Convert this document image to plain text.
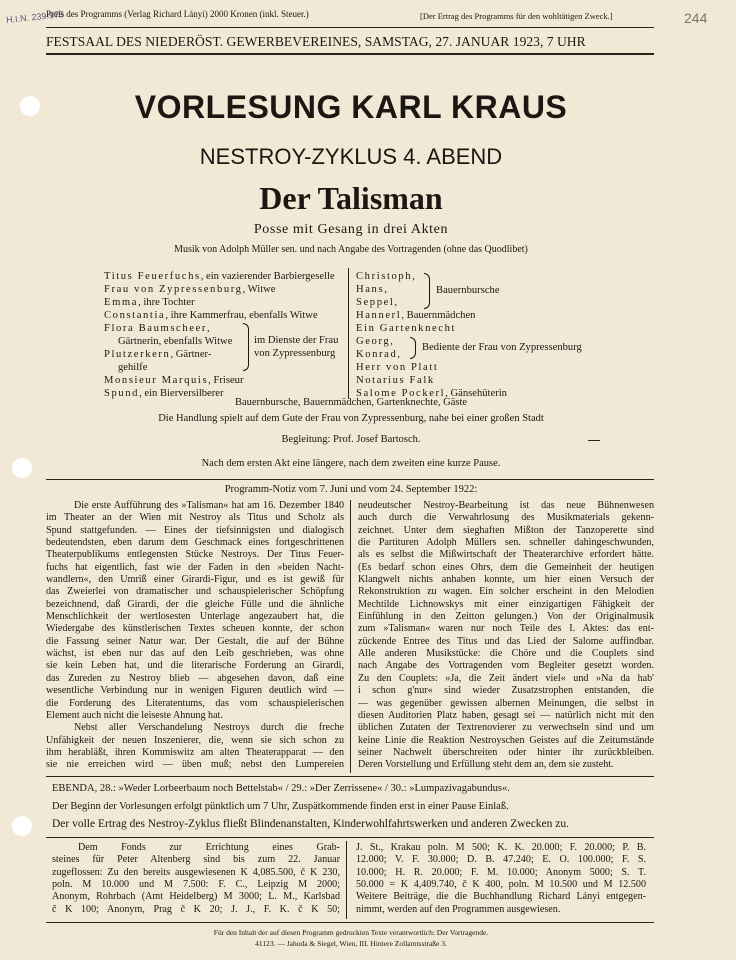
H.I.N. 239.975
Preis des Programms (Verlag Richard Lányi) 2000 Kronen (inkl. Steuer.)	[Der Ertrag des Programms für den wohltätigen Zweck.]	244
FESTSAAL DES NIEDERÖST. GEWERBEVEREINES, SAMSTAG, 27. JANUAR 1923, 7 UHR
VORLESUNG KARL KRAUS
NESTROY-ZYKLUS 4. ABEND
Der Talisman
Posse mit Gesang in drei Akten
Musik von Adolph Müller sen. und nach Angabe des Vortragenden (ohne das Quodlibet)
Titus Feuerfuchs, ein vazierender Barbiergeselle
Frau von Zypressenburg, Witwe
Emma, ihre Tochter
Constantia, ihre Kammerfrau, ebenfalls Witwe
Flora Baumscheer,
Gärtnerin, ebenfalls Witwe
Plutzerkern, Gärtner-
gehilfe
Monsieur Marquis, Friseur
Spund, ein Bierversilberer
im Dienste der Frau
von Zypressenburg
Christoph,
Hans,
Seppel,
Hannerl, Bauernmädchen
Ein Gartenknecht
Georg,
Konrad,
Herr von Platt
Notarius Falk
Salome Pockerl, Gänsehüterin
Bauernbursche
Bediente der Frau von Zypressenburg
Bauernbursche, Bauernmädchen, Gartenknechte, Gäste
Die Handlung spielt auf dem Gute der Frau von Zypressenburg, nahe bei einer großen Stadt
Begleitung: Prof. Josef Bartosch.
Nach dem ersten Akt eine längere, nach dem zweiten eine kurze Pause.
Programm-Notiz vom 7. Juni und vom 24. September 1922:
Die erste Aufführung des »Talisman« hat am 16. Dezember 1840
im Theater an der Wien mit Nestroy als Titus und Scholz als
Spund stattgefunden. — Eines der tiefsinnigsten und dialogisch
bedeutendsten, eben darum dem Geschmack eines fortgeschrittenen
Theaterpublikums entlegensten Stücke Nestroys. Der Titus Feuer-
fuchs hat eigentlich, fast wie der Faden in den »beiden Nacht-
wandlern«, den Umriß einer Girardi-Figur, und es ist gewiß für
das Zweierlei von dramatischer und schauspielerischer Schöpfung
bezeichnend, daß Girardi, der die gleiche Fülle und die ähnliche
Menschlichkeit der wertlosesten Unterlage angezaubert hat, die
Wiedergabe des künstlerischen Textes scheuen konnte, der schon
die Fassung seiner Natur war. Der Gestalt, die auf der Bühne
wächst, ist eben nur das auf den Leib geschrieben, was ohne
sie kein Leben hat, und die literarische Forderung an Girardi,
das Zureden zu Nestroy blieb — abgesehen davon, daß eine
wesentliche Verbindung nur in wenigen Figuren deutlich wird —
die Forderung des Literatentums, das vom schauspielerischen
Element auch nicht die leiseste Ahnung hat.
Nebst aller Verschandelung Nestroys durch die freche
Unfähigkeit der neuen Inszenierer, die, wenn sie sich schon zu
ihm herabläßt, ihren Kommiswitz am alten Theaterapparat — den
sie nie erreichen wird — üben muß; nebst den Lumpereien
neudeutscher Nestroy-Bearbeitung ist das neue Bühnenwesen
auch durch die Verwahrlosung des Musikmaterials gekenn-
zeichnet. Unter dem sieghaften Mißton der Tanzoperette sind
die Partituren Adolph Müllers sen. schneller dahingeschwunden,
als es selbst die Mißwirtschaft der Theaterarchive erfordert hätte.
(Es bedarf schon eines Ohrs, dem die Gemeinheit der heutigen
Klangwelt nichts anhaben konnte, um hier einen Versuch der
Rekonstruktion zu wagen. Ein solcher erscheint in den Melodien
Mechtilde Lichnowskys mit einer einzigartigen Fähigkeit der
Einfühlung in den Zeitton gelungen.) Von der Originalmusik
zum »Talisman« waren nur noch Teile des I. Aktes: das ent-
zückende Entree des Titus und das Lied der Salome auffindbar.
Alle anderen Musikstücke: die Chöre und die Couplets sind
nach Angabe des Vortragenden vom Begleiter gesetzt worden.
Zu den Couplets: »Ja, die Zeit ändert viel« und »Na da hab'
i schon g'nur« sind wieder Zusatzstrophen entstanden, die
— was gegenüber gewissen albernen Meinungen, die selbst in
diesen Auditorien Platz haben, gesagt sei — natürlich nicht mit den
üblichen Zutaten der Textrenovierer zu verwechseln sind und um
keine Linie die Reaktion Nestroyschen Geistes auf die Zeitumstände
seiner Nachwelt überschreiten oder hinter ihr zurückbleiben.
Deren Vorstellung und Erfüllung steht dem an, dem sie zusteht.
EBENDA, 28.: »Weder Lorbeerbaum noch Bettelstab« / 29.: »Der Zerrissene« / 30.: »Lumpazivagabundus«.
Der Beginn der Vorlesungen erfolgt pünktlich um 7 Uhr, Zuspätkommende finden erst in einer Pause Einlaß.
Der volle Ertrag des Nestroy-Zyklus fließt Blindenanstalten, Kinderwohlfahrtswerken und anderen Zwecken zu.
Dem Fonds zur Errichtung eines Grab-
steines für Peter Altenberg sind bis zum 22. Januar
zugeflossen: Zu den bereits ausgewiesenen K 4,085.500, č K 230,
poln. M 10.000 und M 7.500: F. C., Leipzig M 2000;
Anonym, Rohrbach (Amt Heidelberg) M 3000; L. M., Karlsbad
č K 100; Anonym, Prag č K 20; J. J., F. K. č K 50;
J. St., Krakau poln. M 500; K. K. 20.000; F. 20.000; P. B.
12.000; V. F. 30.000; D. B. 47.240; E. O. 100.000; F. S.
10.000; H. R. 20.000; F. M. 10.000; Anonym 5000; S. T.
50.000 = K 4,409.740, č K 400, poln. M 10.500 und M 12.500
Weitere Beiträge, die die Buchhandlung Richard Lányi entgegen-
nimmt, werden auf den Programmen ausgewiesen.
Für den Inhalt der auf diesen Programm gedruckten Texte verantwortlich: Der Vortragende.
41123. — Jahoda & Siegel, Wien, III. Hintere Zollamtsstraße 3.
